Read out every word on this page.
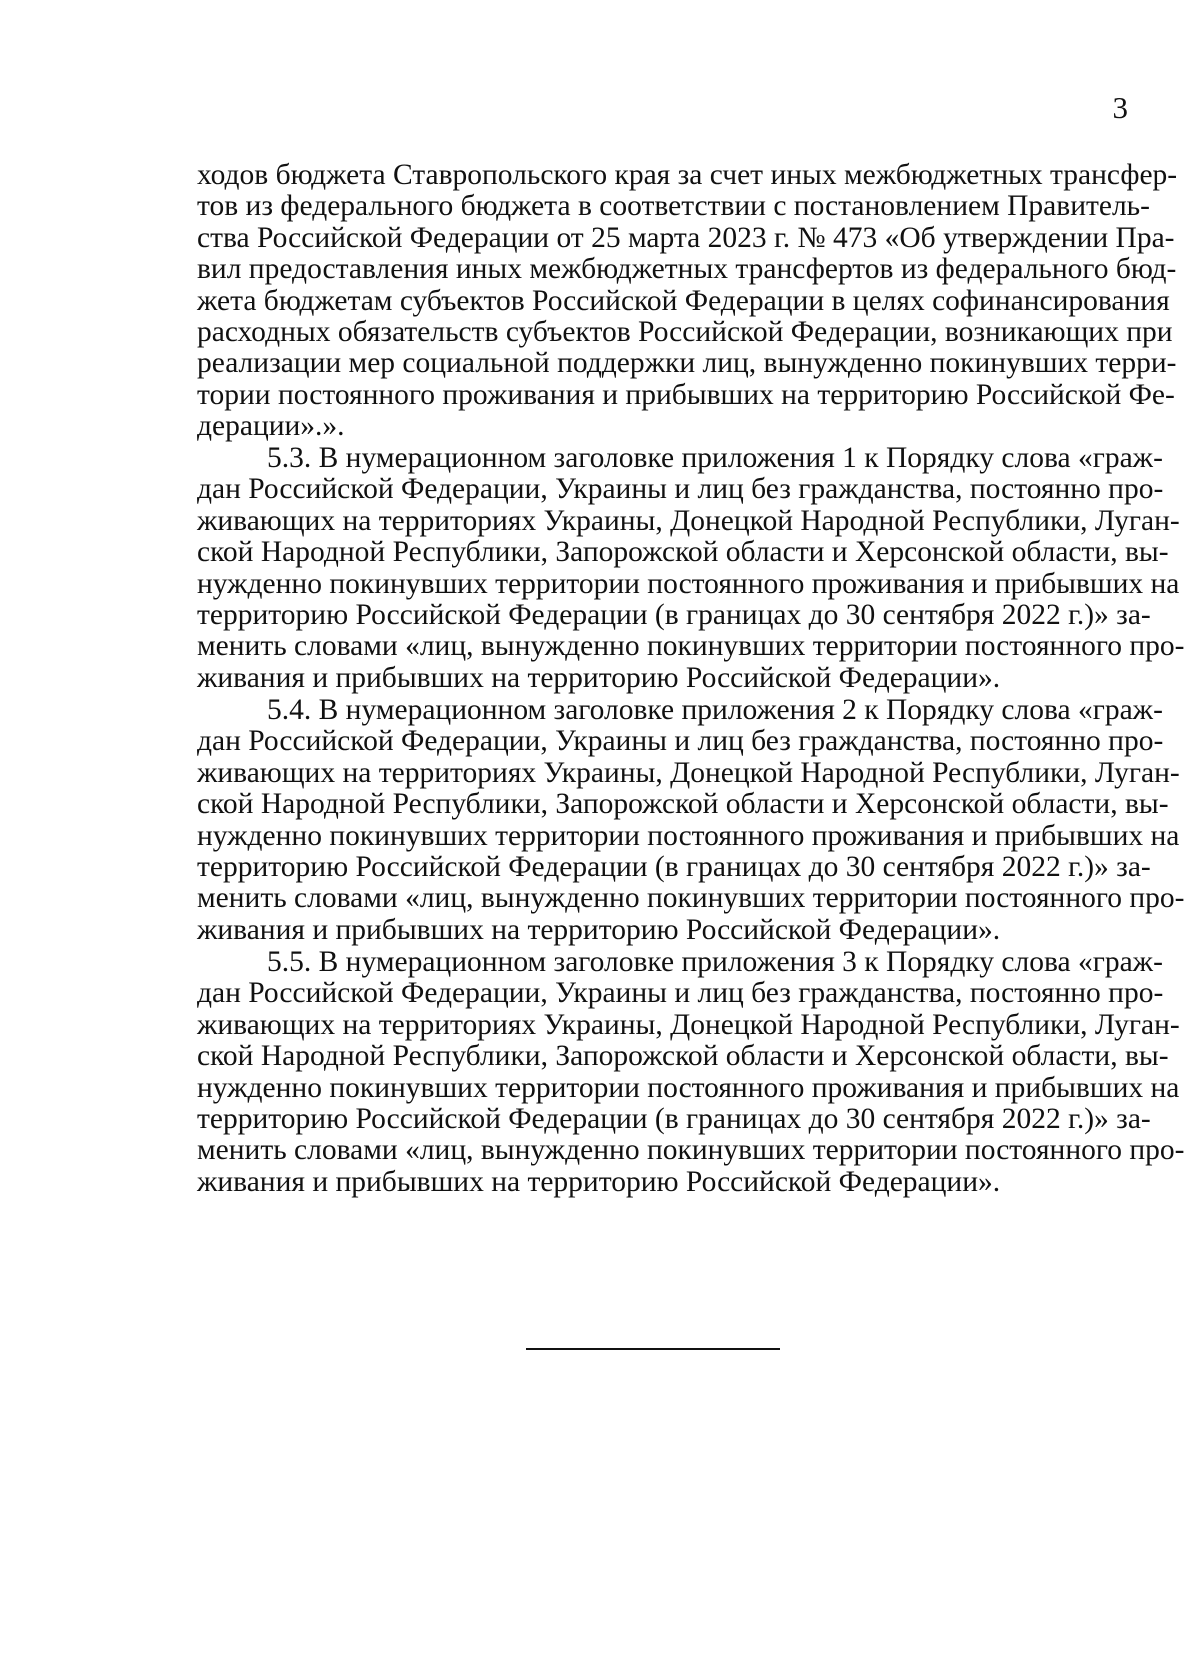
3
ходов бюджета Ставропольского края за счет иных межбюджетных трансфер-
тов из федерального бюджета в соответствии с постановлением Правитель-
ства Российской Федерации от 25 марта 2023 г. № 473 «Об утверждении Пра-
вил предоставления иных межбюджетных трансфертов из федерального бюд-
жета бюджетам субъектов Российской Федерации в целях софинансирования
расходных обязательств субъектов Российской Федерации, возникающих при
реализации мер социальной поддержки лиц, вынужденно покинувших терри-
тории постоянного проживания и прибывших на территорию Российской Фе-
дерации».».
5.3. В нумерационном заголовке приложения 1 к Порядку слова «граж-
дан Российской Федерации, Украины и лиц без гражданства, постоянно про-
живающих на территориях Украины, Донецкой Народной Республики, Луган-
ской Народной Республики, Запорожской области и Херсонской области, вы-
нужденно покинувших территории постоянного проживания и прибывших на
территорию Российской Федерации (в границах до 30 сентября 2022 г.)» за-
менить словами «лиц, вынужденно покинувших территории постоянного про-
живания и прибывших на территорию Российской Федерации».
5.4. В нумерационном заголовке приложения 2 к Порядку слова «граж-
дан Российской Федерации, Украины и лиц без гражданства, постоянно про-
живающих на территориях Украины, Донецкой Народной Республики, Луган-
ской Народной Республики, Запорожской области и Херсонской области, вы-
нужденно покинувших территории постоянного проживания и прибывших на
территорию Российской Федерации (в границах до 30 сентября 2022 г.)» за-
менить словами «лиц, вынужденно покинувших территории постоянного про-
живания и прибывших на территорию Российской Федерации».
5.5. В нумерационном заголовке приложения 3 к Порядку слова «граж-
дан Российской Федерации, Украины и лиц без гражданства, постоянно про-
живающих на территориях Украины, Донецкой Народной Республики, Луган-
ской Народной Республики, Запорожской области и Херсонской области, вы-
нужденно покинувших территории постоянного проживания и прибывших на
территорию Российской Федерации (в границах до 30 сентября 2022 г.)» за-
менить словами «лиц, вынужденно покинувших территории постоянного про-
живания и прибывших на территорию Российской Федерации».
